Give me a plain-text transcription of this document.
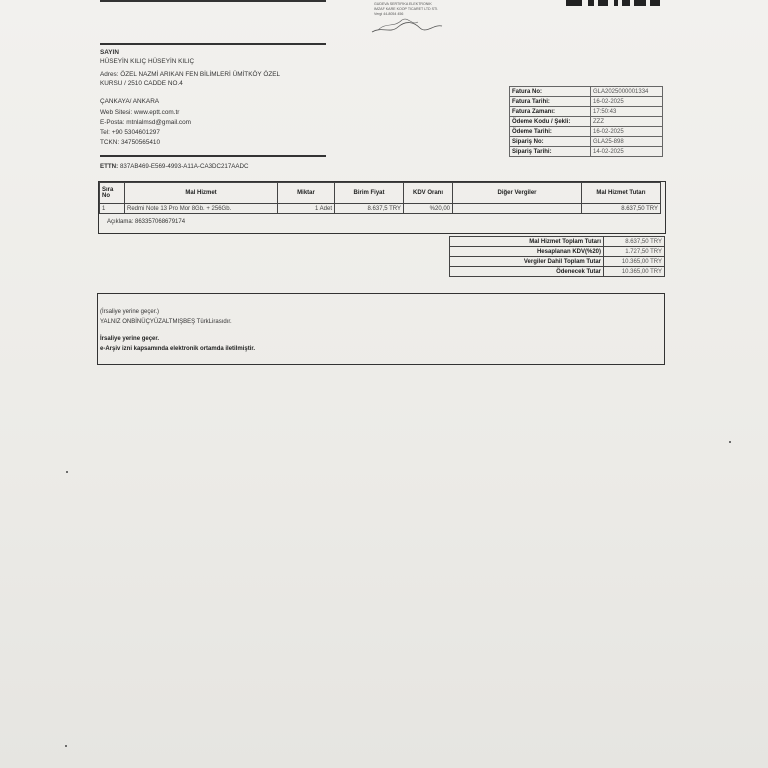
GUDEVA SERTIFIKA ELEKTRONIK
IMZAF KARE KOOP TICARET LTD STI.
Vergi 44-8054 456
SAYIN
HÜSEYİN KILIÇ HÜSEYİN KILIÇ
Adres: ÖZEL NAZMİ ARIKAN FEN BİLİMLERİ ÜMİTKÖY ÖZEL
KURSU / 2510 CADDE NO.4
ÇANKAYA/ ANKARA
Web Sitesi: www.eptt.com.tr
E-Posta: mtnlalmsd@gmail.com
Tel: +90 5304601297
TCKN: 34750565410
ETTN: 837AB469-E569-4993-A11A-CA3DC217AADC
Fatura No:	GLA2025000001334
Fatura Tarihi:	16-02-2025
Fatura Zamanı:	17:50:43
Ödeme Kodu / Şekli:	ZZZ
Ödeme Tarihi:	16-02-2025
Sipariş No:	GLA25-898
Sipariş Tarihi:	14-02-2025
Sıra
No	Mal Hizmet	Miktar	Birim Fiyat	KDV Oranı	Diğer Vergiler	Mal Hizmet Tutarı
1	Redmi Note 13 Pro Mor 8Gb. + 256Gb.	1 Adet	8.637,5 TRY	%20,00		8.637,50 TRY
Açıklama: 863357068679174
Mal Hizmet Toplam Tutarı	8.637,50 TRY
Hesaplanan KDV(%20)	1.727,50 TRY
Vergiler Dahil Toplam Tutar	10.365,00 TRY
Ödenecek Tutar	10.365,00 TRY
(İrsaliye yerine geçer.)
YALNIZ ONBİNÜÇYÜZALTMIŞBEŞ TürkLirasıdır.
İrsaliye yerine geçer.
e-Arşiv izni kapsamında elektronik ortamda iletilmiştir.
